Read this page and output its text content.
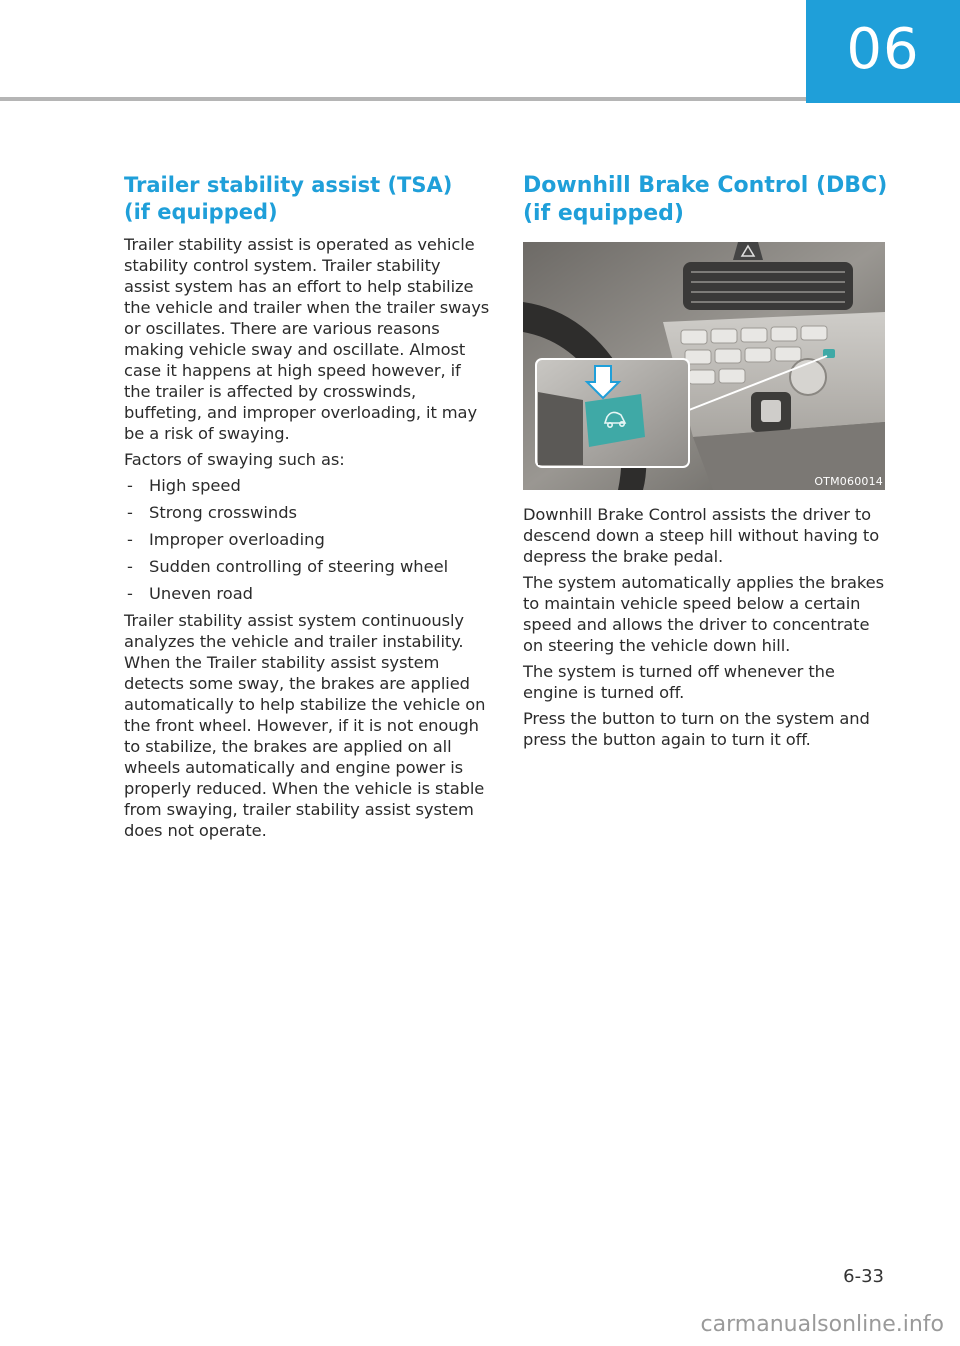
06
Trailer stability assist (TSA)
(if equipped)

Trailer stability assist is operated as vehicle stability control system. Trailer stability assist system has an effort to help stabilize the vehicle and trailer when the trailer sways or oscillates. There are various reasons making vehicle sway and oscillate. Almost case it happens at high speed however, if the trailer is affected by crosswinds, buffeting, and improper overloading, it may be a risk of swaying.

Factors of swaying such as:

- High speed
- Strong crosswinds
- Improper overloading
- Sudden controlling of steering wheel
- Uneven road

Trailer stability assist system continuously analyzes the vehicle and trailer instability. When the Trailer stability assist system detects some sway, the brakes are applied automatically to help stabilize the vehicle on the front wheel. However, if it is not enough to stabilize, the brakes are applied on all wheels automatically and engine power is properly reduced. When the vehicle is stable from swaying, trailer stability assist system does not operate.

Downhill Brake Control (DBC)
(if equipped)
OTM060014

Downhill Brake Control assists the driver to descend down a steep hill without having to depress the brake pedal.

The system automatically applies the brakes to maintain vehicle speed below a certain speed and allows the driver to concentrate on steering the vehicle down hill.

The system is turned off whenever the engine is turned off.

Press the button to turn on the system and press the button again to turn it off.

6-33
carmanualsonline.info
